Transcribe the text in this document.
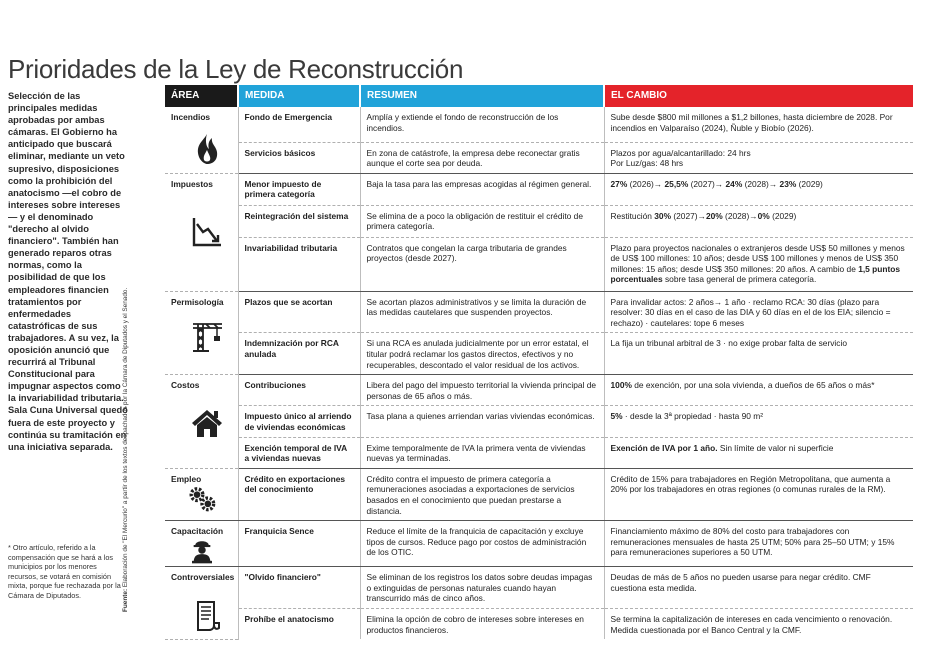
Prioridades de la Ley de Reconstrucción
Selección de las principales medidas aprobadas por ambas cámaras. El Gobierno ha anticipado que buscará eliminar, mediante un veto supresivo, disposiciones como la prohibición del anatocismo —el cobro de intereses sobre intereses— y el denominado "derecho al olvido financiero". También han generado reparos otras normas, como la posibilidad de que los empleadores financien tratamientos por enfermedades catastróficas de sus trabajadores. A su vez, la oposición anunció que recurrirá al Tribunal Constitucional para impugnar aspectos como la invariabilidad tributaria. Sala Cuna Universal quedó fuera de este proyecto y continúa su tramitación en una iniciativa separada.
* Otro artículo, referido a la compensación que se hará a los municipios por los menores recursos, se votará en comisión mixta, porque fue rechazada por la Cámara de Diputados.	Fuente: Elaboración de "El Mercurio" a partir de los textos despachados por la Cámara de Diputados y el Senado.
ÁREA	MEDIDA	RESUMEN	EL CAMBIO
Incendios	Fondo de Emergencia	Amplía y extiende el fondo de reconstrucción de los incendios.	Sube desde $800 mil millones a $1,2 billones, hasta diciembre de 2028. Por incendios en Valparaíso (2024), Ñuble y Biobío (2026).
	Servicios básicos	En zona de catástrofe, la empresa debe reconectar gratis aunque el corte sea por deuda.	Plazos por agua/alcantarillado: 24 hrs
Por Luz/gas: 48 hrs
Impuestos	Menor impuesto de primera categoría	Baja la tasa para las empresas acogidas al régimen general.	27% (2026)→ 25,5% (2027)→ 24% (2028)→ 23% (2029)
	Reintegración del sistema	Se elimina de a poco la obligación de restituir el crédito de primera categoría.	Restitución 30% (2027)→20% (2028)→0% (2029)
	Invariabilidad tributaria	Contratos que congelan la carga tributaria de grandes proyectos (desde 2027).	Plazo para proyectos nacionales o extranjeros desde US$ 50 millones y menos de US$ 100 millones: 10 años; desde US$ 100 millones y menos de US$ 350 millones: 15 años; desde US$ 350 millones: 20 años. A cambio de 1,5 puntos porcentuales sobre tasa general de primera categoría.
Permisología	Plazos que se acortan	Se acortan plazos administrativos y se limita la duración de las medidas cautelares que suspenden proyectos.	Para invalidar actos: 2 años→ 1 año · reclamo RCA: 30 días (plazo para resolver: 30 días en el caso de las DIA y 60 días en el de los EIA; silencio = rechazo) · cautelares: tope 6 meses
	Indemnización por RCA anulada	Si una RCA es anulada judicialmente por un error estatal, el titular podrá reclamar los gastos directos, efectivos y no recuperables, descontado el valor residual de los activos.	La fija un tribunal arbitral de 3 · no exige probar falta de servicio
Costos	Contribuciones	Libera del pago del impuesto territorial la vivienda principal de personas de 65 años o más.	100% de exención, por una sola vivienda, a dueños de 65 años o más*
	Impuesto único al arriendo de viviendas económicas	Tasa plana a quienes arriendan varias viviendas económicas.	5% · desde la 3ª propiedad · hasta 90 m²
	Exención temporal de IVA a viviendas nuevas	Exime temporalmente de IVA la primera venta de viviendas nuevas ya terminadas.	Exención de IVA por 1 año. Sin límite de valor ni superficie
Empleo	Crédito en exportaciones del conocimiento	Crédito contra el impuesto de primera categoría a remuneraciones asociadas a exportaciones de servicios basados en el conocimiento que puedan prestarse a distancia.	Crédito de 15% para trabajadores en Región Metropolitana, que aumenta a 20% por los trabajadores en otras regiones (o comunas rurales de la RM).
Capacitación	Franquicia Sence	Reduce el límite de la franquicia de capacitación y excluye tipos de cursos. Reduce pago por costos de administración de los OTIC.	Financiamiento máximo de 80% del costo para trabajadores con remuneraciones mensuales de hasta 25 UTM; 50% para 25–50 UTM; y 15% para remuneraciones superiores a 50 UTM.
Controversiales	"Olvido financiero"	Se eliminan de los registros los datos sobre deudas impagas o extinguidas de personas naturales cuando hayan transcurrido más de cinco años.	Deudas de más de 5 años no pueden usarse para negar crédito. CMF cuestiona esta medida.
	Prohíbe el anatocismo	Elimina la opción de cobro de intereses sobre intereses en productos financieros.	Se termina la capitalización de intereses en cada vencimiento o renovación. Medida cuestionada por el Banco Central y la CMF.
